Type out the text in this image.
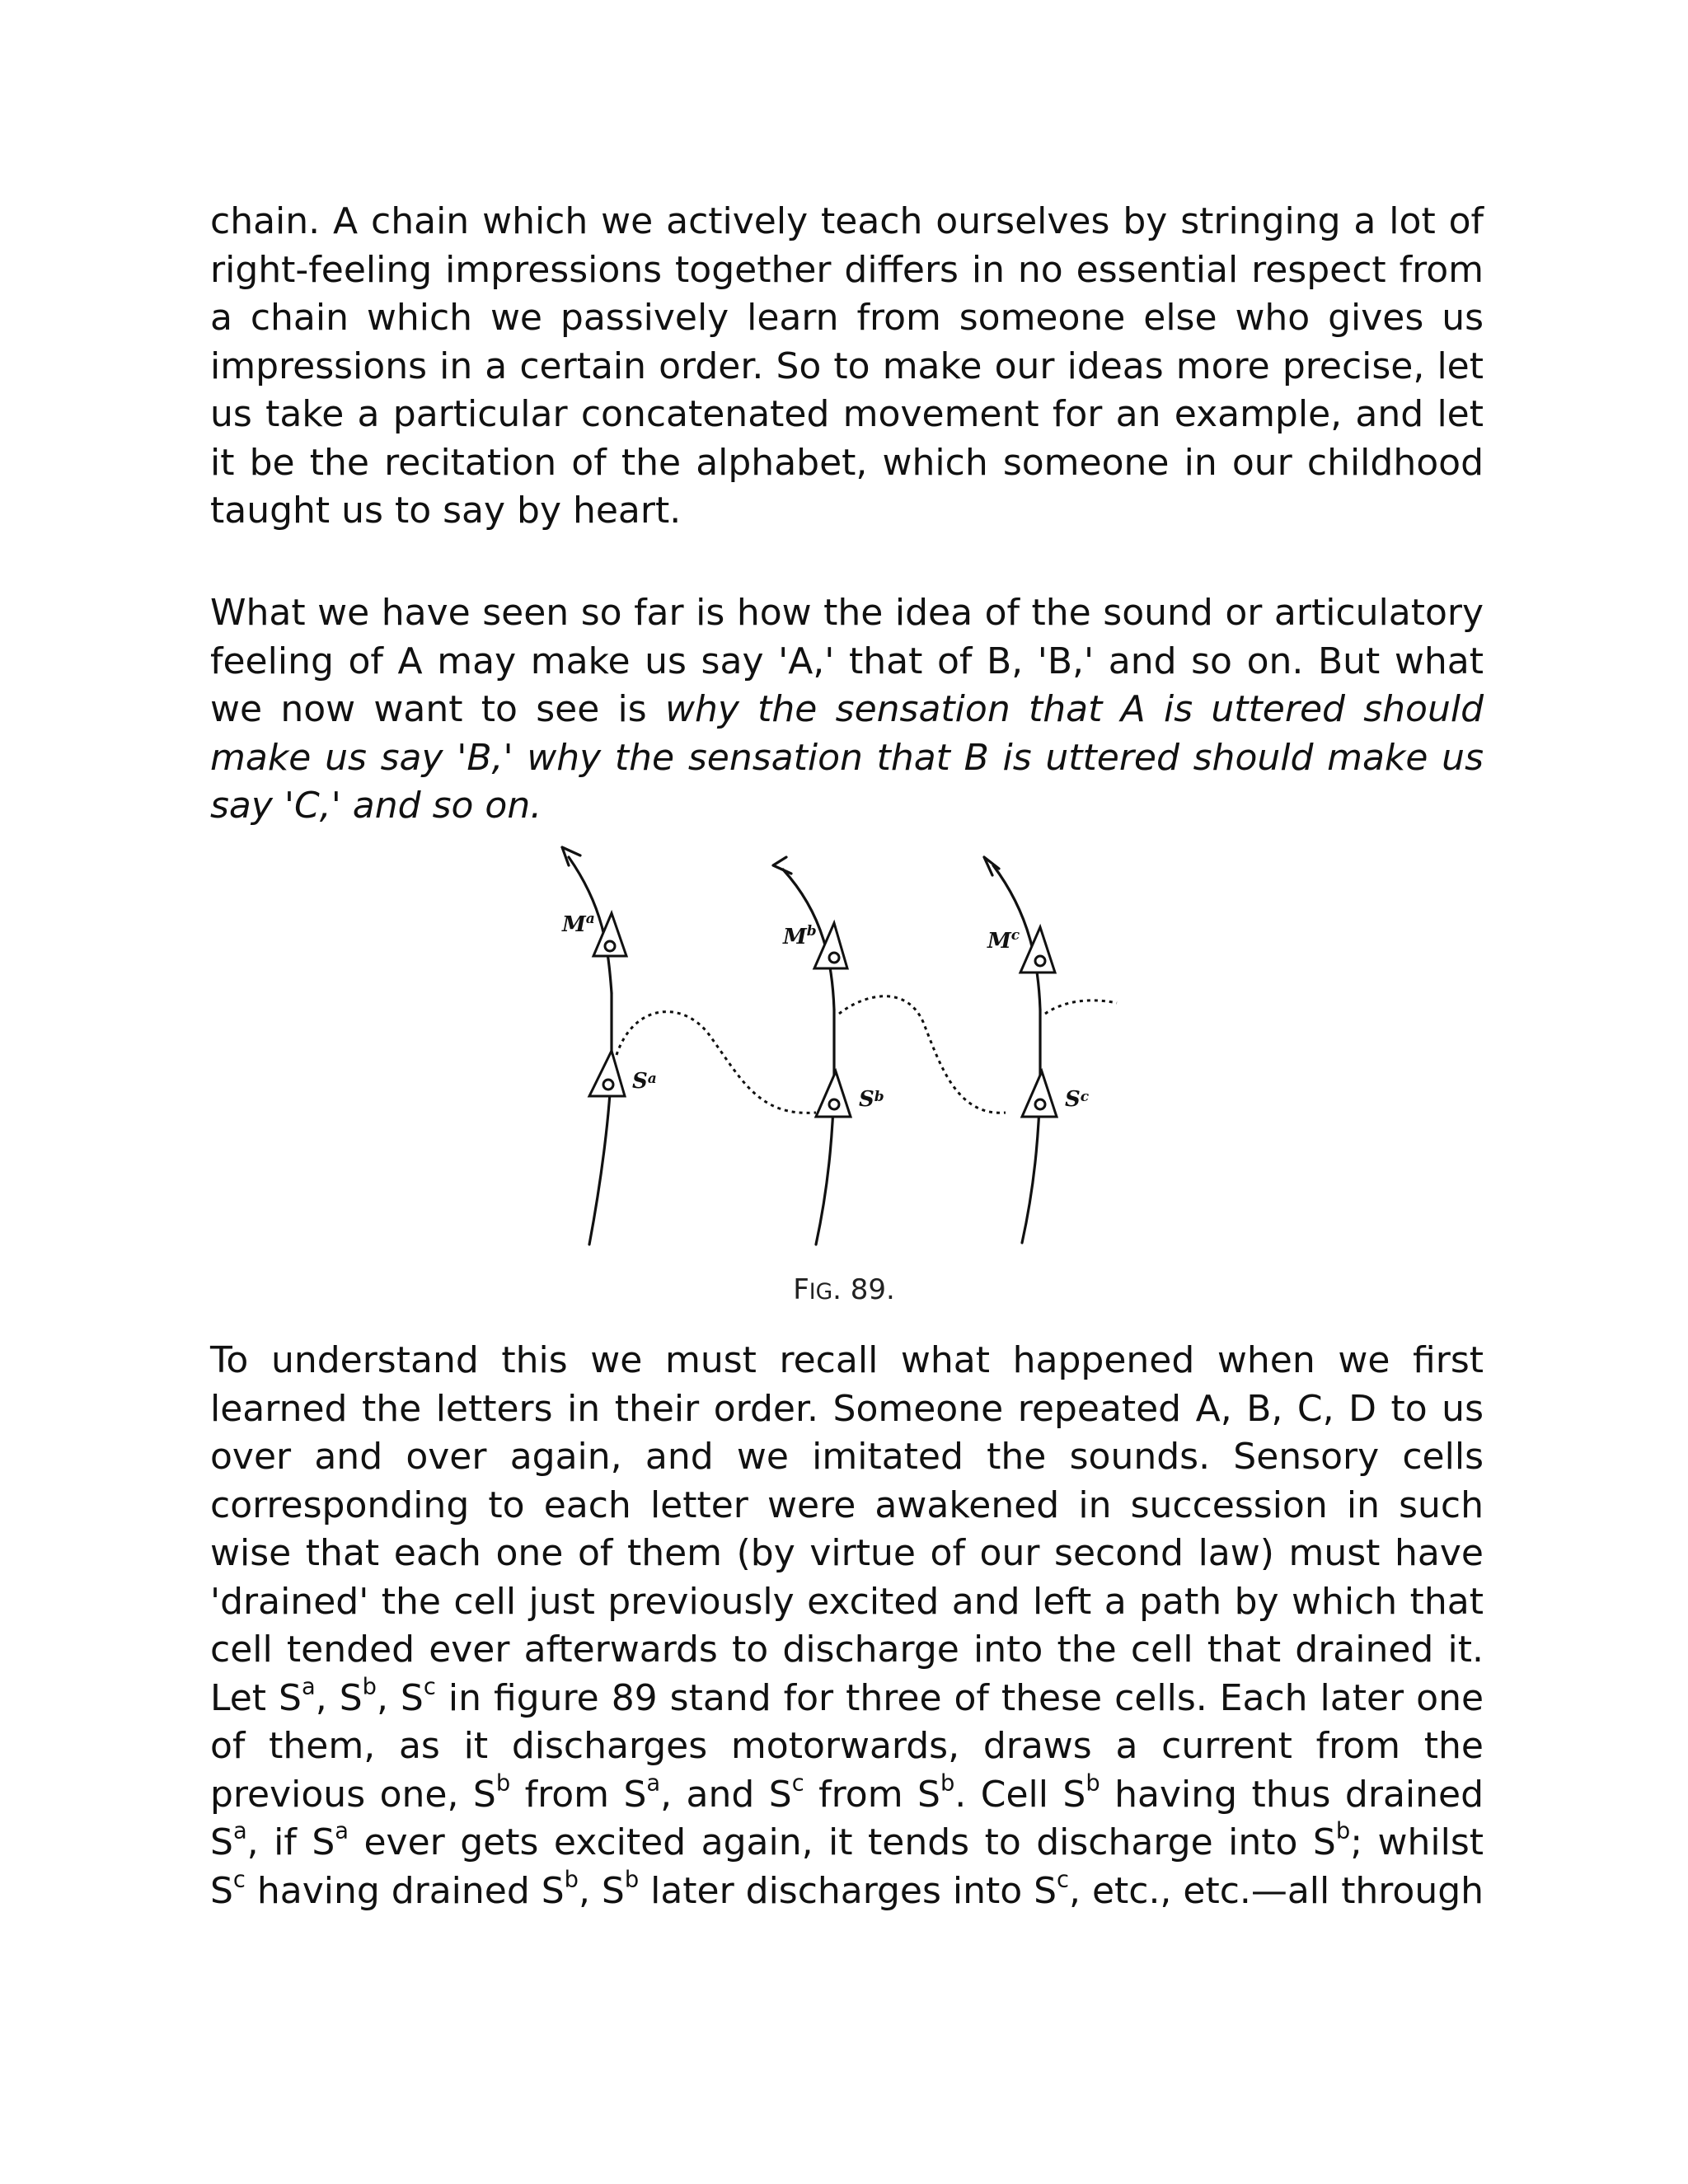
chain. A chain which we actively teach ourselves by stringing a lot of
right-feeling impressions together differs in no essential respect from
a chain which we passively learn from someone else who gives us
impressions in a certain order. So to make our ideas more precise, let
us take a particular concatenated movement for an example, and let
it be the recitation of the alphabet, which someone in our childhood
taught us to say by heart.
What we have seen so far is how the idea of the sound or articulatory
feeling of A may make us say 'A,' that of B, 'B,' and so on. But what
we now want to see is why the sensation that A is uttered should
make us say 'B,' why the sensation that B is uttered should make us
say 'C,' and so on.
$M^a$
$M^b$	$M^c$
$S^a$
$S^b$	$S^c$
FIG. 89.
To understand this we must recall what happened when we first
learned the letters in their order. Someone repeated A, B, C, D to us
over and over again, and we imitated the sounds. Sensory cells
corresponding to each letter were awakened in succession in such
wise that each one of them (by virtue of our second law) must have
'drained' the cell just previously excited and left a path by which that
cell tended ever afterwards to discharge into the cell that drained it.
Let $S^a$, $S^b$, $S^c$ in figure 89 stand for three of these cells. Each later one
of them, as it discharges motorwards, draws a current from the
previous one, $S^b$ from $S^a$, and $S^c$ from $S^b$. Cell $S^b$ having thus drained
$S^a$, if $S^a$ ever gets excited again, it tends to discharge into $S^b$; whilst
$S^c$ having drained $S^b$, $S^b$ later discharges into $S^c$, etc., etc.—all through
